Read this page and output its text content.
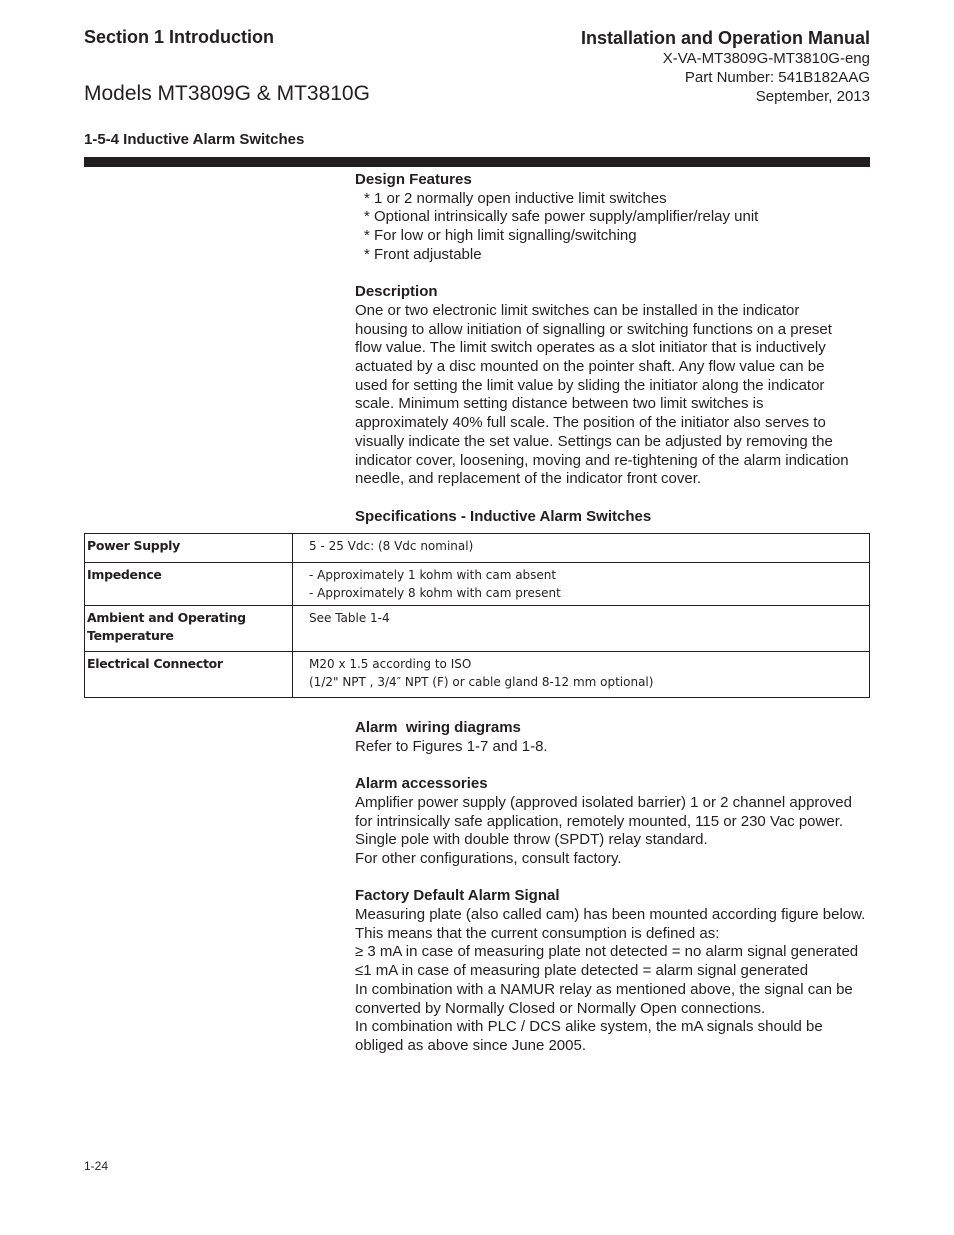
Section 1 Introduction
Models MT3809G & MT3810G
Installation and Operation Manual
X-VA-MT3809G-MT3810G-eng
Part Number: 541B182AAG
September, 2013
1-5-4 Inductive Alarm Switches
Design Features
* 1 or 2 normally open inductive limit switches
* Optional intrinsically safe power supply/amplifier/relay unit
* For low or high limit signalling/switching
* Front adjustable
Description
One or two electronic limit switches can be installed in the indicator
housing to allow initiation of signalling or switching functions on a preset
flow value. The limit switch operates as a slot initiator that is inductively
actuated by a disc mounted on the pointer shaft. Any flow value can be
used for setting the limit value by sliding the initiator along the indicator
scale. Minimum setting distance between two limit switches is
approximately 40% full scale. The position of the initiator also serves to
visually indicate the set value. Settings can be adjusted by removing the
indicator cover, loosening, moving and re-tightening of the alarm indication
needle, and replacement of the indicator front cover.
Specifications - Inductive Alarm Switches
Power Supply	5 - 25 Vdc: (8 Vdc nominal)

Impedence	- Approximately 1 kohm with cam absent
- Approximately 8 kohm with cam present

Ambient and Operating
Temperature	See Table 1-4

Electrical Connector	M20 x 1.5 according to ISO
(1/2" NPT , 3/4″ NPT (F) or cable gland 8-12 mm optional)
Alarm  wiring diagrams
Refer to Figures 1-7 and 1-8.
Alarm accessories
Amplifier power supply (approved isolated barrier) 1 or 2 channel approved
for intrinsically safe application, remotely mounted, 115 or 230 Vac power.
Single pole with double throw (SPDT) relay standard.
For other configurations, consult factory.
Factory Default Alarm Signal
Measuring plate (also called cam) has been mounted according figure below.
This means that the current consumption is defined as:
≥ 3 mA in case of measuring plate not detected = no alarm signal generated
≤1 mA in case of measuring plate detected = alarm signal generated
In combination with a NAMUR relay as mentioned above, the signal can be
converted by Normally Closed or Normally Open connections.
In combination with PLC / DCS alike system, the mA signals should be
obliged as above since June 2005.
1-24
